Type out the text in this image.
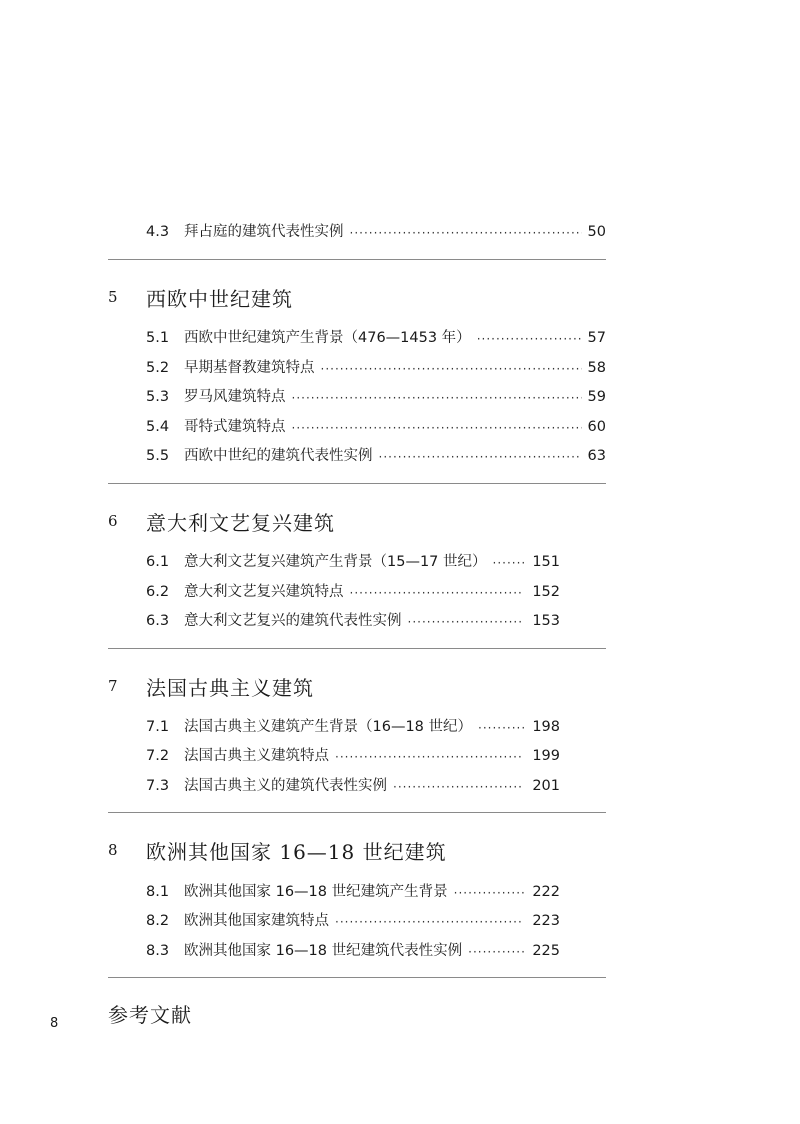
4.3	拜占庭的建筑代表性实例 ·····	50
5	西欧中世纪建筑
5.1	西欧中世纪建筑产生背景（476—1453 年） ·····	57
5.2	早期基督教建筑特点 ·····	58
5.3	罗马风建筑特点 ·····	59
5.4	哥特式建筑特点 ·····	60
5.5	西欧中世纪的建筑代表性实例 ·····	63
6	意大利文艺复兴建筑
6.1	意大利文艺复兴建筑产生背景（15—17 世纪） ·····	151
6.2	意大利文艺复兴建筑特点 ·····	152
6.3	意大利文艺复兴的建筑代表性实例 ·····	153
7	法国古典主义建筑
7.1	法国古典主义建筑产生背景（16—18 世纪） ·····	198
7.2	法国古典主义建筑特点 ·····	199
7.3	法国古典主义的建筑代表性实例 ·····	201
8	欧洲其他国家 16—18 世纪建筑
8.1	欧洲其他国家 16—18 世纪建筑产生背景 ·····	222
8.2	欧洲其他国家建筑特点 ·····	223
8.3	欧洲其他国家 16—18 世纪建筑代表性实例 ·····	225
参考文献
8
